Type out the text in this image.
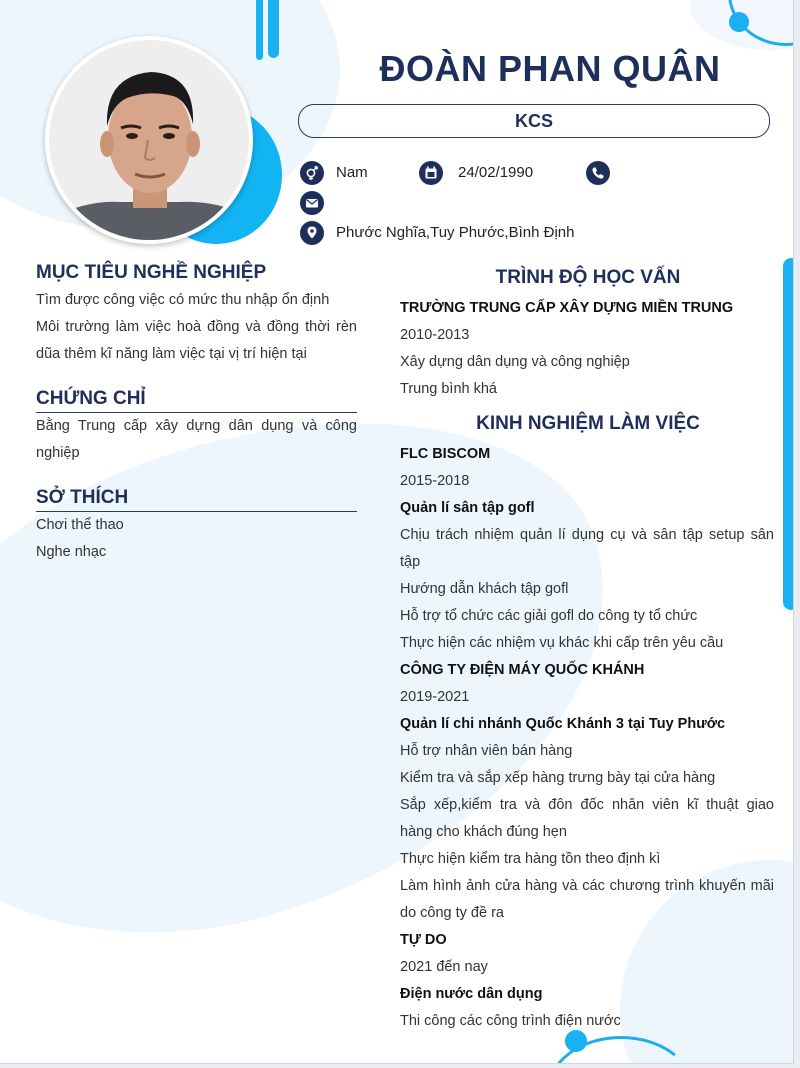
ĐOÀN PHAN QUÂN
KCS
Nam	24/02/1990
Phước Nghĩa,Tuy Phước,Bình Định
MỤC TIÊU NGHỀ NGHIỆP
Tìm được công việc có mức thu nhập ổn định
Môi trường làm việc hoà đồng và đồng thời rèn
dũa thêm kĩ năng làm việc tại vị trí hiện tại
CHỨNG CHỈ
Bằng Trung cấp xây dựng dân dụng và công
nghiệp
SỞ THÍCH
Chơi thể thao
Nghe nhạc
TRÌNH ĐỘ HỌC VẤN
TRƯỜNG TRUNG CẤP XÂY DỰNG MIỀN TRUNG
2010-2013
Xây dựng dân dụng và công nghiệp
Trung bình khá
KINH NGHIỆM LÀM VIỆC
FLC BISCOM
2015-2018
Quản lí sân tập gofl
Chịu trách nhiệm quản lí dụng cụ và sân tập setup sân
tập
Hướng dẫn khách tập gofl
Hỗ trợ tổ chức các giải gofl do công ty tổ chức
Thực hiện các nhiệm vụ khác khi cấp trên yêu cầu
CÔNG TY ĐIỆN MÁY QUỐC KHÁNH
2019-2021
Quản lí chi nhánh Quốc Khánh 3 tại Tuy Phước
Hỗ trợ nhân viên bán hàng
Kiểm tra và sắp xếp hàng trưng bày tại cửa hàng
Sắp xếp,kiểm tra và đôn đốc nhân viên kĩ thuật giao
hàng cho khách đúng hẹn
Thực hiện kiểm tra hàng tồn theo định kì
Làm hình ảnh cửa hàng và các chương trình khuyến mãi
do công ty đề ra
TỰ DO
2021 đến nay
Điện nước dân dụng
Thi công các công trình điện nước
